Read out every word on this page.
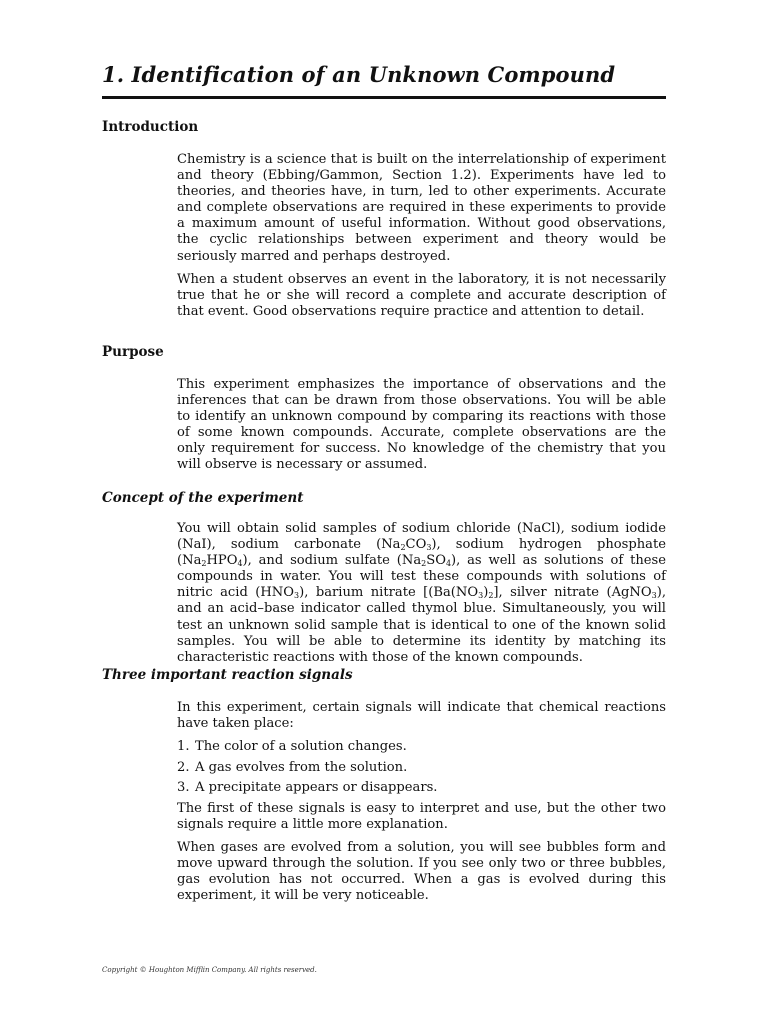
1. Identification of an Unknown Compound
Introduction

Chemistry is a science that is built on the interrelationship of experiment and theory (Ebbing/Gammon, Section 1.2). Experiments have led to theories, and theories have, in turn, led to other experiments. Accurate and complete observations are required in these experiments to provide a maximum amount of useful information. Without good observations, the cyclic relationships between experiment and theory would be seriously marred and perhaps destroyed.

When a student observes an event in the laboratory, it is not necessarily true that he or she will record a complete and accurate description of that event. Good observations require practice and attention to detail.

Purpose

This experiment emphasizes the importance of observations and the inferences that can be drawn from those observations. You will be able to identify an unknown compound by comparing its reactions with those of some known compounds. Accurate, complete observations are the only requirement for success. No knowledge of the chemistry that you will observe is necessary or assumed.

Concept of the experiment

You will obtain solid samples of sodium chloride (NaCl), sodium iodide (NaI), sodium carbonate $(Na_2CO_3)$, sodium hydrogen phosphate $(Na_2HPO_4)$, and sodium sulfate $(Na_2SO_4)$, as well as solutions of these compounds in water. You will test these compounds with solutions of nitric acid $(HNO_3)$, barium nitrate [$(Ba(NO_3)_2]$, silver nitrate (AgNO$_3$), and an acid–base indicator called thymol blue. Simultaneously, you will test an unknown solid sample that is identical to one of the known solid samples. You will be able to determine its identity by matching its characteristic reactions with those of the known compounds.

Three important reaction signals

In this experiment, certain signals will indicate that chemical reactions have taken place:

1. The color of a solution changes.
2. A gas evolves from the solution.
3. A precipitate appears or disappears.

The first of these signals is easy to interpret and use, but the other two signals require a little more explanation.

When gases are evolved from a solution, you will see bubbles form and move upward through the solution. If you see only two or three bubbles, gas evolution has not occurred. When a gas is evolved during this experiment, it will be very noticeable.

Copyright © Houghton Mifflin Company. All rights reserved.
